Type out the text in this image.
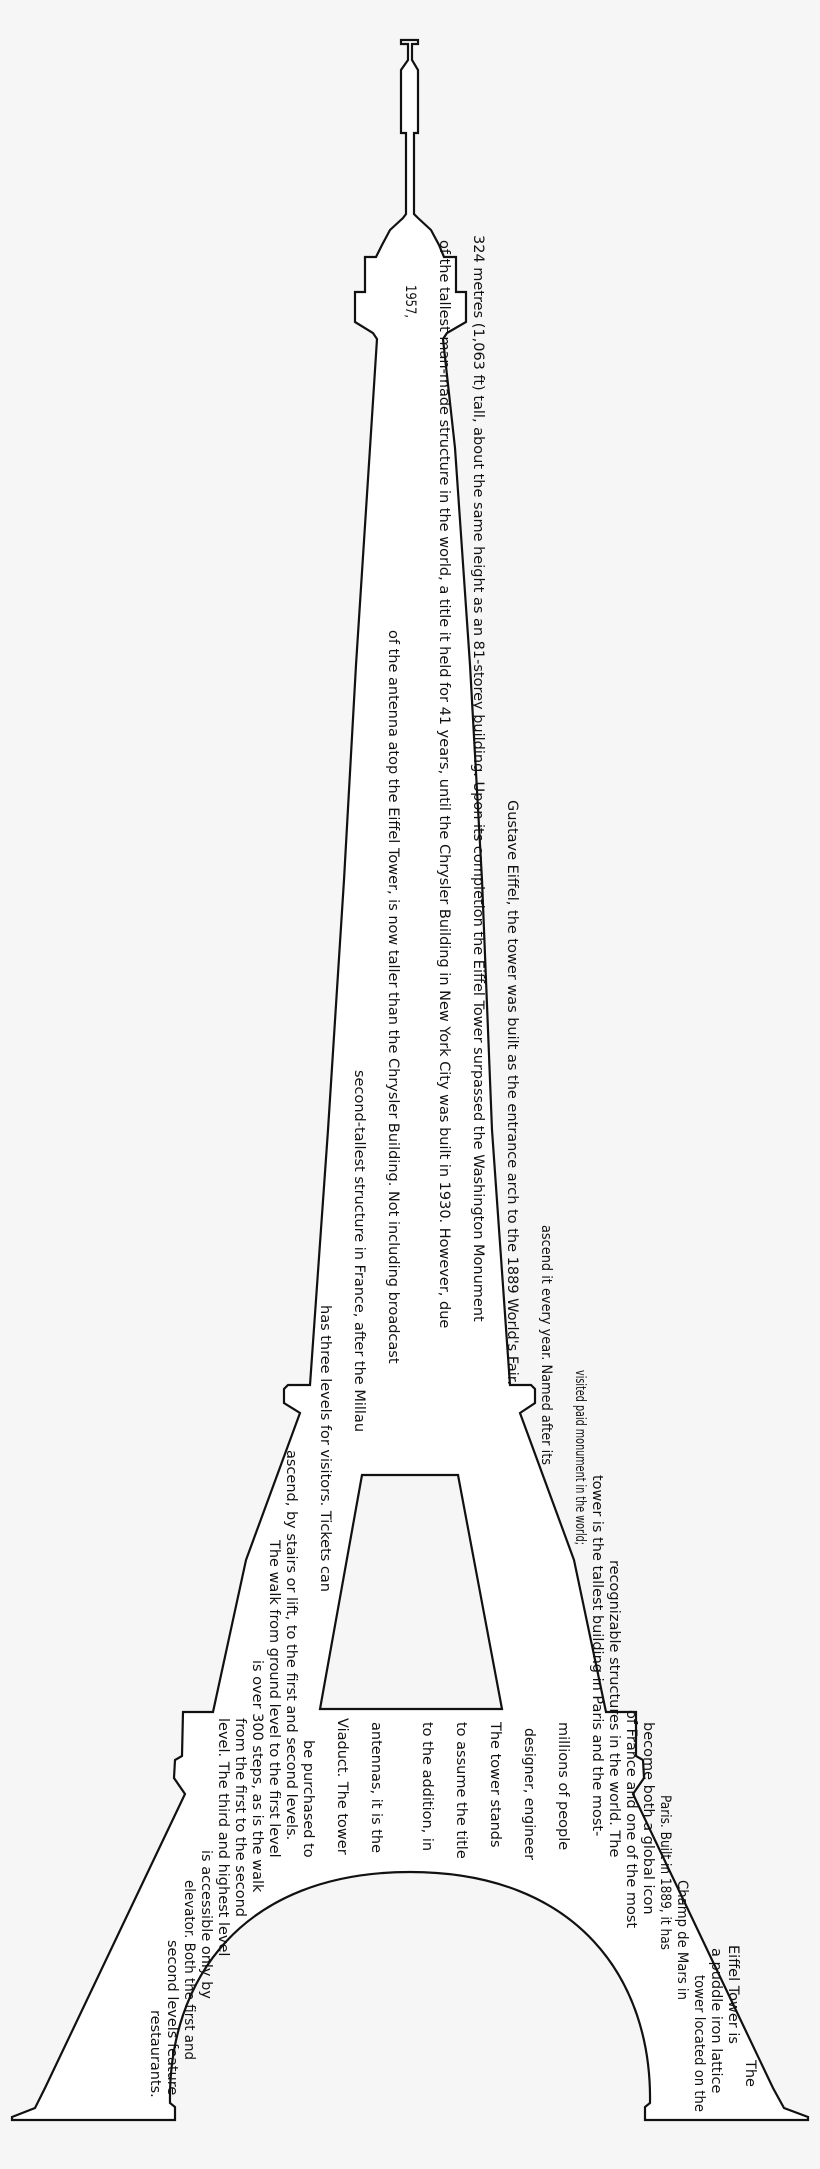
The
Eiffel Tower is
a puddle iron lattice
tower located on the
Champ de Mars in
Paris. Built in 1889, it has
become both a global icon
of France and one of the most
recognizable structures in the world. The
tower is the tallest building in Paris and the most-
visited paid monument in the world;
millions of people
ascend it every year. Named after its
designer, engineer
Gustave Eiffel, the tower was built as the entrance arch to the 1889 World's Fair.
The tower stands
324 metres (1,063 ft) tall, about the same height as an 81-storey building. Upon its completion the Eiffel Tower surpassed the Washington Monument
to assume the title
of the tallest man-made structure in the world, a title it held for 41 years, until the Chrysler Building in New York City was built in 1930. However, due
to the addition, in
1957,
of the antenna atop the Eiffel Tower, is now taller than the Chrysler Building. Not including broadcast
antennas, it is the
second-tallest structure in France, after the Millau
Viaduct. The tower
has three levels for visitors. Tickets can
be purchased to
ascend, by stairs or lift, to the first and second levels.
The walk from ground level to the first level
is over 300 steps, as is the walk
from the first to the second
level. The third and highest level
is accessible only by
elevator. Both the first and
second levels feature
restaurants.
